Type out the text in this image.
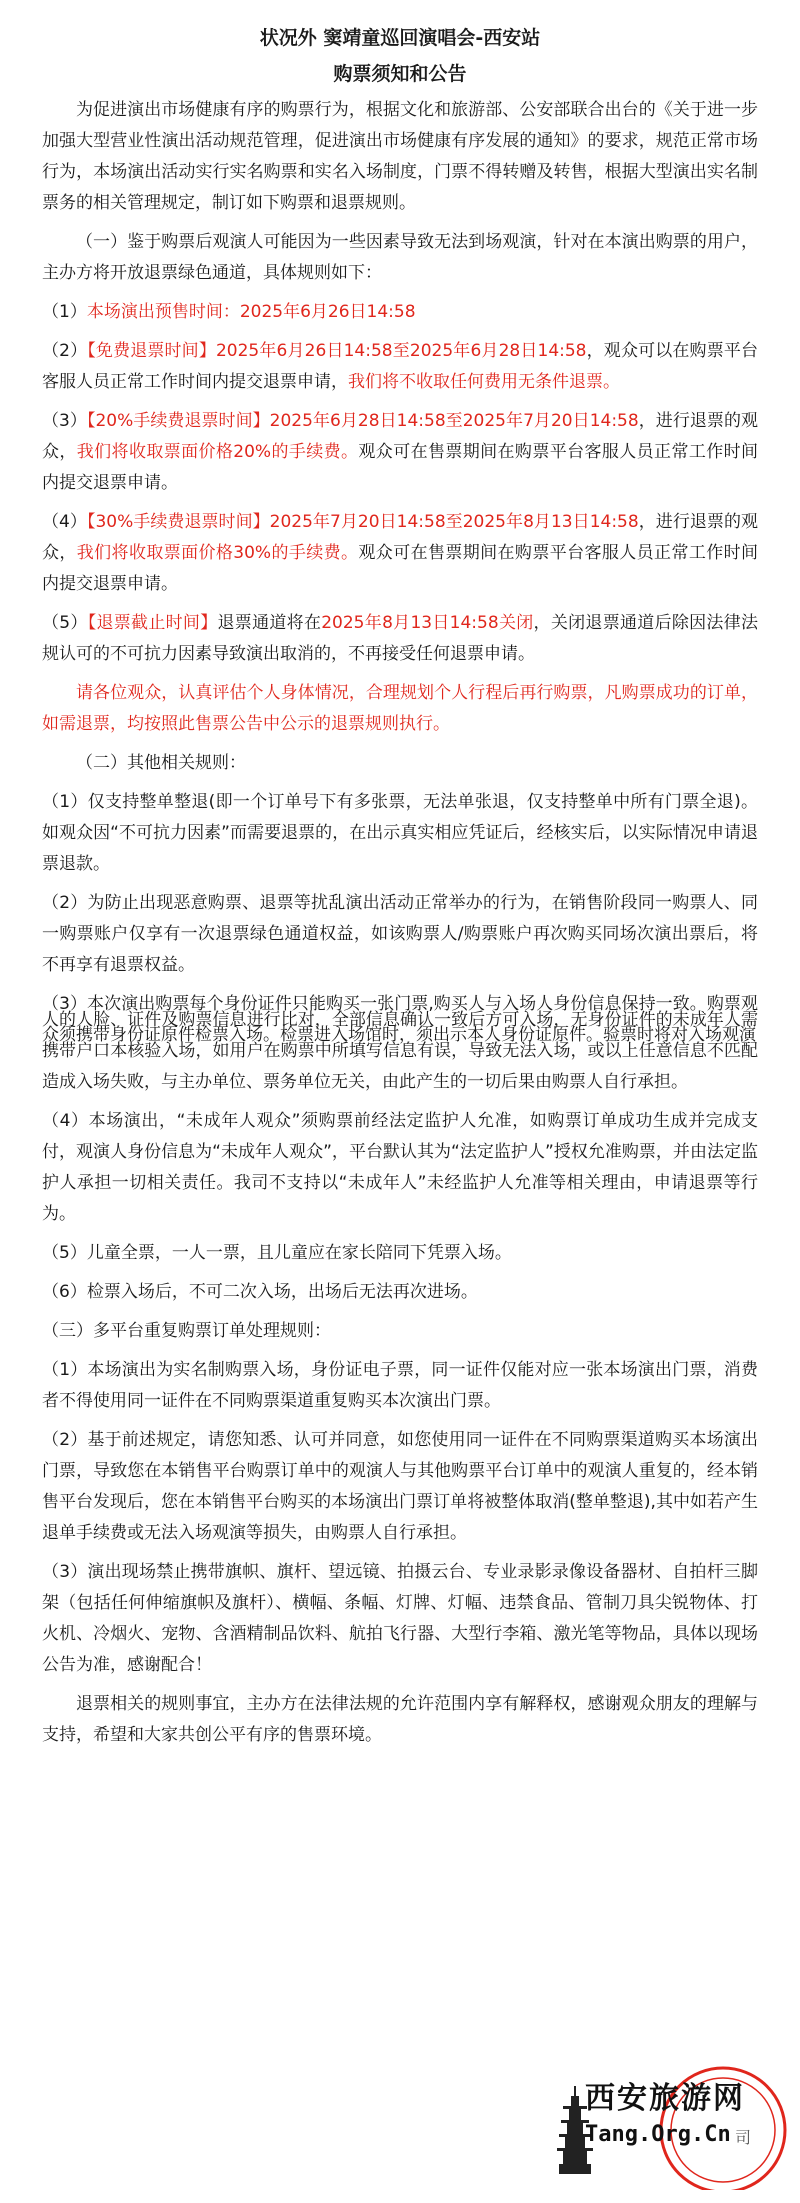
状况外 窦靖童巡回演唱会-西安站
购票须知和公告

为促进演出市场健康有序的购票行为，根据文化和旅游部、公安部联合出台的《关于进一步加强大型营业性演出活动规范管理，促进演出市场健康有序发展的通知》的要求，规范正常市场行为，本场演出活动实行实名购票和实名入场制度，门票不得转赠及转售，根据大型演出实名制票务的相关管理规定，制订如下购票和退票规则。

（一）鉴于购票后观演人可能因为一些因素导致无法到场观演，针对在本演出购票的用户，主办方将开放退票绿色通道，具体规则如下：

（1）本场演出预售时间：2025年6月26日14:58

（2）【免费退票时间】2025年6月26日14:58至2025年6月28日14:58，观众可以在购票平台客服人员正常工作时间内提交退票申请，我们将不收取任何费用无条件退票。

（3）【20%手续费退票时间】2025年6月28日14:58至2025年7月20日14:58，进行退票的观众，我们将收取票面价格20%的手续费。观众可在售票期间在购票平台客服人员正常工作时间内提交退票申请。

（4）【30%手续费退票时间】2025年7月20日14:58至2025年8月13日14:58，进行退票的观众，我们将收取票面价格30%的手续费。观众可在售票期间在购票平台客服人员正常工作时间内提交退票申请。

（5）【退票截止时间】退票通道将在2025年8月13日14:58关闭，关闭退票通道后除因法律法规认可的不可抗力因素导致演出取消的，不再接受任何退票申请。

请各位观众，认真评估个人身体情况，合理规划个人行程后再行购票，凡购票成功的订单，如需退票，均按照此售票公告中公示的退票规则执行。

（二）其他相关规则：

（1）仅支持整单整退(即一个订单号下有多张票，无法单张退，仅支持整单中所有门票全退)。如观众因“不可抗力因素”而需要退票的，在出示真实相应凭证后，经核实后，以实际情况申请退票退款。

（2）为防止出现恶意购票、退票等扰乱演出活动正常举办的行为，在销售阶段同一购票人、同一购票账户仅享有一次退票绿色通道权益，如该购票人/购票账户再次购买同场次演出票后，将不再享有退票权益。

（3）本次演出购票每个身份证件只能购买一张门票,购买人与入场人身份信息保持一致。购票观众须携带身份证原件检票入场。检票进入场馆时，须出示本人身份证原件。验票时将对入场观演

人的人脸、证件及购票信息进行比对，全部信息确认一致后方可入场，无身份证件的未成年人需携带户口本核验入场，如用户在购票中所填写信息有误，导致无法入场，或以上任意信息不匹配造成入场失败，与主办单位、票务单位无关，由此产生的一切后果由购票人自行承担。

（4）本场演出，“未成年人观众”须购票前经法定监护人允准，如购票订单成功生成并完成支付，观演人身份信息为“未成年人观众”，平台默认其为“法定监护人”授权允准购票，并由法定监护人承担一切相关责任。我司不支持以“未成年人”未经监护人允准等相关理由，申请退票等行为。

（5）儿童全票，一人一票，且儿童应在家长陪同下凭票入场。

（6）检票入场后，不可二次入场，出场后无法再次进场。

（三）多平台重复购票订单处理规则：

（1）本场演出为实名制购票入场，身份证电子票，同一证件仅能对应一张本场演出门票，消费者不得使用同一证件在不同购票渠道重复购买本次演出门票。

（2）基于前述规定，请您知悉、认可并同意，如您使用同一证件在不同购票渠道购买本场演出门票，导致您在本销售平台购票订单中的观演人与其他购票平台订单中的观演人重复的，经本销售平台发现后，您在本销售平台购买的本场演出门票订单将被整体取消(整单整退),其中如若产生退单手续费或无法入场观演等损失，由购票人自行承担。

（3）演出现场禁止携带旗帜、旗杆、望远镜、拍摄云台、专业录影录像设备器材、自拍杆三脚架（包括任何伸缩旗帜及旗杆）、横幅、条幅、灯牌、灯幅、违禁食品、管制刀具尖锐物体、打火机、冷烟火、宠物、含酒精制品饮料、航拍飞行器、大型行李箱、激光笔等物品，具体以现场公告为准，感谢配合！

退票相关的规则事宜，主办方在法律法规的允许范围内享有解释权，感谢观众朋友的理解与支持，希望和大家共创公平有序的售票环境。

西安旅游网
Tang.Org.Cn 司
